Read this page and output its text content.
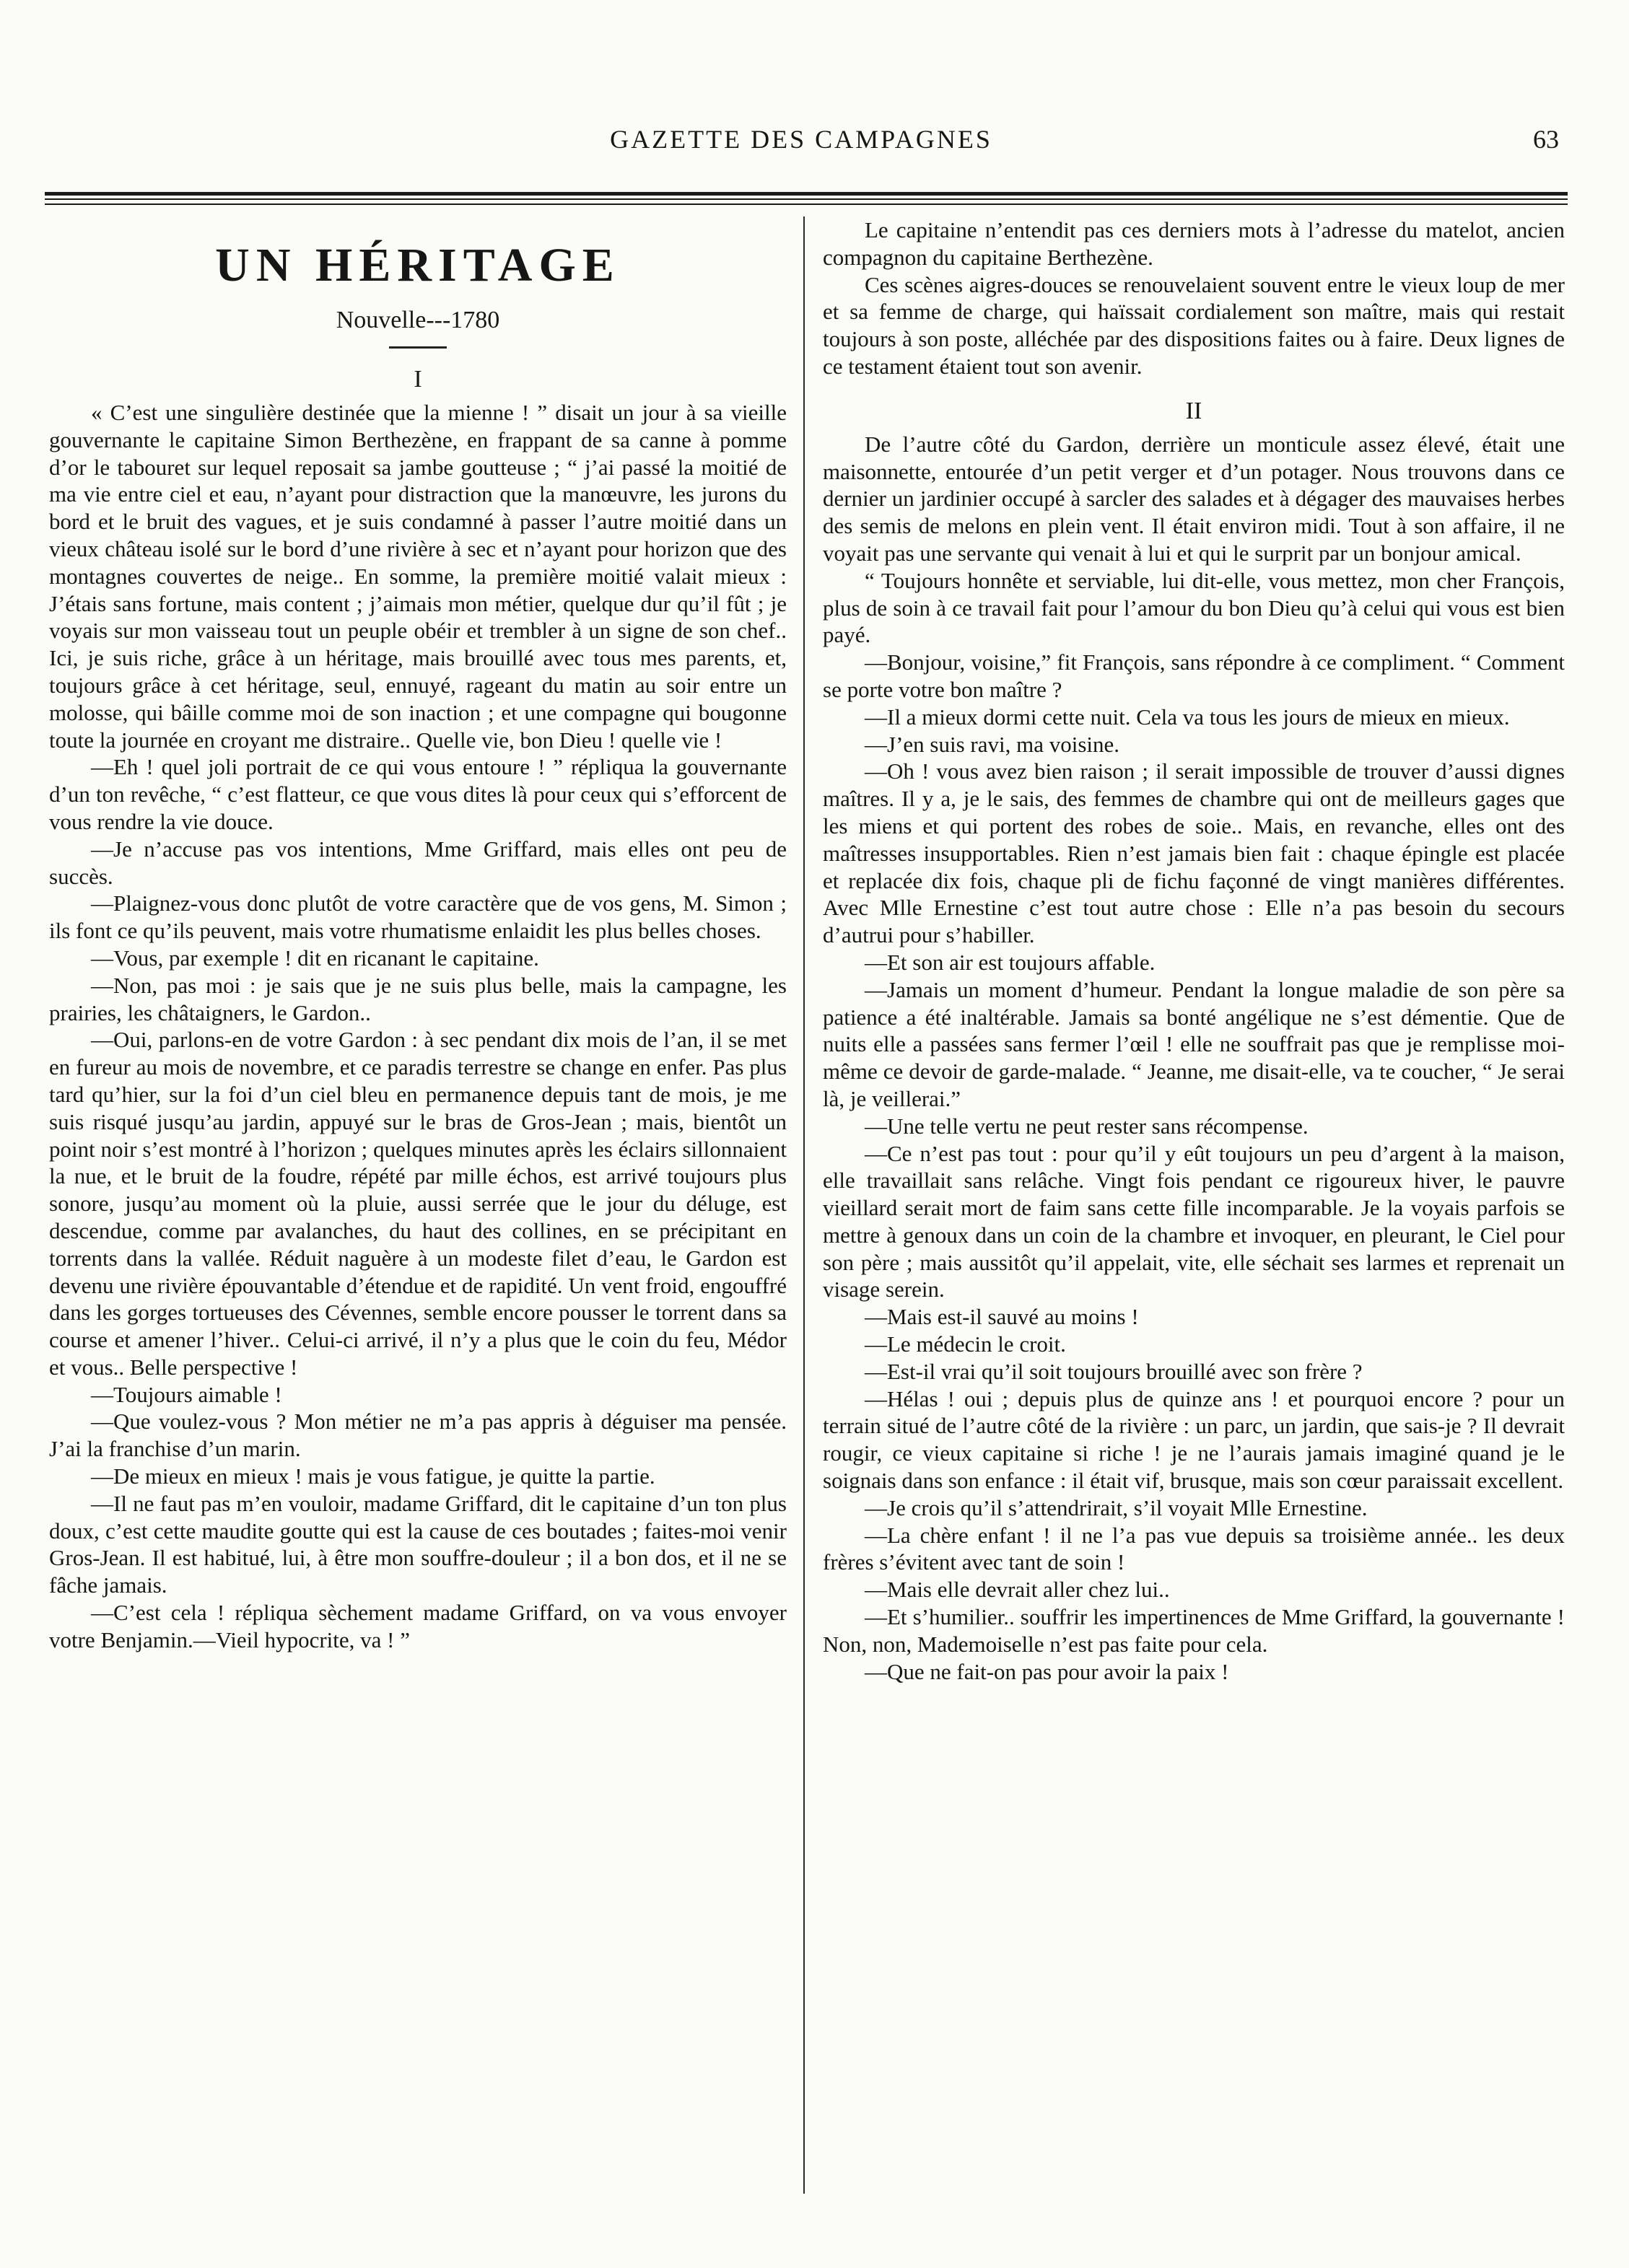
GAZETTE DES CAMPAGNES	63
UN HÉRITAGE
Nouvelle---1780
I

« C’est une singulière destinée que la mienne ! ” disait un jour à sa vieille gouvernante le capitaine Simon Berthezène, en frappant de sa canne à pomme d’or le tabouret sur lequel reposait sa jambe goutteuse ; “ j’ai passé la moitié de ma vie entre ciel et eau, n’ayant pour distraction que la manœuvre, les jurons du bord et le bruit des vagues, et je suis condamné à passer l’autre moitié dans un vieux château isolé sur le bord d’une rivière à sec et n’ayant pour horizon que des montagnes couvertes de neige.. En somme, la première moitié valait mieux : J’étais sans fortune, mais content ; j’aimais mon métier, quelque dur qu’il fût ; je voyais sur mon vaisseau tout un peuple obéir et trembler à un signe de son chef.. Ici, je suis riche, grâce à un héritage, mais brouillé avec tous mes parents, et, toujours grâce à cet héritage, seul, ennuyé, rageant du matin au soir entre un molosse, qui bâille comme moi de son inaction ; et une compagne qui bougonne toute la journée en croyant me distraire.. Quelle vie, bon Dieu ! quelle vie !

—Eh ! quel joli portrait de ce qui vous entoure ! ” répliqua la gouvernante d’un ton revêche, “ c’est flatteur, ce que vous dites là pour ceux qui s’efforcent de vous rendre la vie douce.

—Je n’accuse pas vos intentions, Mme Griffard, mais elles ont peu de succès.

—Plaignez-vous donc plutôt de votre caractère que de vos gens, M. Simon ; ils font ce qu’ils peuvent, mais votre rhumatisme enlaidit les plus belles choses.

—Vous, par exemple ! dit en ricanant le capitaine.

—Non, pas moi : je sais que je ne suis plus belle, mais la campagne, les prairies, les châtaigners, le Gardon..

—Oui, parlons-en de votre Gardon : à sec pendant dix mois de l’an, il se met en fureur au mois de novembre, et ce paradis terrestre se change en enfer. Pas plus tard qu’hier, sur la foi d’un ciel bleu en permanence depuis tant de mois, je me suis risqué jusqu’au jardin, appuyé sur le bras de Gros-Jean ; mais, bientôt un point noir s’est montré à l’horizon ; quelques minutes après les éclairs sillonnaient la nue, et le bruit de la foudre, répété par mille échos, est arrivé toujours plus sonore, jusqu’au moment où la pluie, aussi serrée que le jour du déluge, est descendue, comme par avalanches, du haut des collines, en se précipitant en torrents dans la vallée. Réduit naguère à un modeste filet d’eau, le Gardon est devenu une rivière épouvantable d’étendue et de rapidité. Un vent froid, engouffré dans les gorges tortueuses des Cévennes, semble encore pousser le torrent dans sa course et amener l’hiver.. Celui-ci arrivé, il n’y a plus que le coin du feu, Médor et vous.. Belle perspective !

—Toujours aimable !

—Que voulez-vous ? Mon métier ne m’a pas appris à déguiser ma pensée. J’ai la franchise d’un marin.

—De mieux en mieux ! mais je vous fatigue, je quitte la partie.

—Il ne faut pas m’en vouloir, madame Griffard, dit le capitaine d’un ton plus doux, c’est cette maudite goutte qui est la cause de ces boutades ; faites-moi venir Gros-Jean. Il est habitué, lui, à être mon souffre-douleur ; il a bon dos, et il ne se fâche jamais.

—C’est cela ! répliqua sèchement madame Griffard, on va vous envoyer votre Benjamin.—Vieil hypocrite, va ! ”

Le capitaine n’entendit pas ces derniers mots à l’adresse du matelot, ancien compagnon du capitaine Berthezène.

Ces scènes aigres-douces se renouvelaient souvent entre le vieux loup de mer et sa femme de charge, qui haïssait cordialement son maître, mais qui restait toujours à son poste, alléchée par des dispositions faites ou à faire. Deux lignes de ce testament étaient tout son avenir.

II

De l’autre côté du Gardon, derrière un monticule assez élevé, était une maisonnette, entourée d’un petit verger et d’un potager. Nous trouvons dans ce dernier un jardinier occupé à sarcler des salades et à dégager des mauvaises herbes des semis de melons en plein vent. Il était environ midi. Tout à son affaire, il ne voyait pas une servante qui venait à lui et qui le surprit par un bonjour amical.

“ Toujours honnête et serviable, lui dit-elle, vous mettez, mon cher François, plus de soin à ce travail fait pour l’amour du bon Dieu qu’à celui qui vous est bien payé.

—Bonjour, voisine,” fit François, sans répondre à ce compliment. “ Comment se porte votre bon maître ?

—Il a mieux dormi cette nuit. Cela va tous les jours de mieux en mieux.

—J’en suis ravi, ma voisine.

—Oh ! vous avez bien raison ; il serait impossible de trouver d’aussi dignes maîtres. Il y a, je le sais, des femmes de chambre qui ont de meilleurs gages que les miens et qui portent des robes de soie.. Mais, en revanche, elles ont des maîtresses insupportables. Rien n’est jamais bien fait : chaque épingle est placée et replacée dix fois, chaque pli de fichu façonné de vingt manières différentes. Avec Mlle Ernestine c’est tout autre chose : Elle n’a pas besoin du secours d’autrui pour s’habiller.

—Et son air est toujours affable.

—Jamais un moment d’humeur. Pendant la longue maladie de son père sa patience a été inaltérable. Jamais sa bonté angélique ne s’est démentie. Que de nuits elle a passées sans fermer l’œil ! elle ne souffrait pas que je remplisse moi-même ce devoir de garde-malade. “ Jeanne, me disait-elle, va te coucher, “ Je serai là, je veillerai.”

—Une telle vertu ne peut rester sans récompense.

—Ce n’est pas tout : pour qu’il y eût toujours un peu d’argent à la maison, elle travaillait sans relâche. Vingt fois pendant ce rigoureux hiver, le pauvre vieillard serait mort de faim sans cette fille incomparable. Je la voyais parfois se mettre à genoux dans un coin de la chambre et invoquer, en pleurant, le Ciel pour son père ; mais aussitôt qu’il appelait, vite, elle séchait ses larmes et reprenait un visage serein.

—Mais est-il sauvé au moins !

—Le médecin le croit.

—Est-il vrai qu’il soit toujours brouillé avec son frère ?

—Hélas ! oui ; depuis plus de quinze ans ! et pourquoi encore ? pour un terrain situé de l’autre côté de la rivière : un parc, un jardin, que sais-je ? Il devrait rougir, ce vieux capitaine si riche ! je ne l’aurais jamais imaginé quand je le soignais dans son enfance : il était vif, brusque, mais son cœur paraissait excellent.

—Je crois qu’il s’attendrirait, s’il voyait Mlle Ernestine.

—La chère enfant ! il ne l’a pas vue depuis sa troisième année.. les deux frères s’évitent avec tant de soin !

—Mais elle devrait aller chez lui..

—Et s’humilier.. souffrir les impertinences de Mme Griffard, la gouvernante ! Non, non, Mademoiselle n’est pas faite pour cela.

—Que ne fait-on pas pour avoir la paix !
